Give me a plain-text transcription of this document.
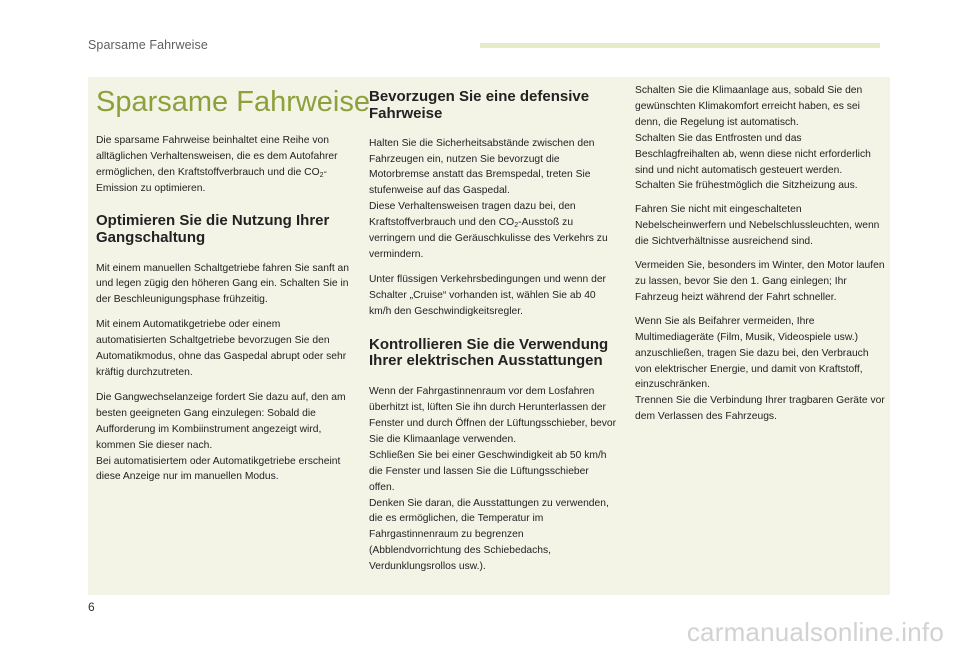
Sparsame Fahrweise
Sparsame Fahrweise

Die sparsame Fahrweise beinhaltet eine Reihe von alltäglichen Verhaltensweisen, die es dem Autofahrer ermöglichen, den Kraftstoffverbrauch und die $CO_2$-Emission zu optimieren.

Optimieren Sie die Nutzung Ihrer Gangschaltung

Mit einem manuellen Schaltgetriebe fahren Sie sanft an und legen zügig den höheren Gang ein. Schalten Sie in der Beschleunigungsphase frühzeitig.

Mit einem Automatikgetriebe oder einem automatisierten Schaltgetriebe bevorzugen Sie den Automatikmodus, ohne das Gaspedal abrupt oder sehr kräftig durchzutreten.

Die Gangwechselanzeige fordert Sie dazu auf, den am besten geeigneten Gang einzulegen: Sobald die Aufforderung im Kombiinstrument angezeigt wird, kommen Sie dieser nach.
Bei automatisiertem oder Automatikgetriebe erscheint diese Anzeige nur im manuellen Modus.

Bevorzugen Sie eine defensive Fahrweise

Halten Sie die Sicherheitsabstände zwischen den Fahrzeugen ein, nutzen Sie bevorzugt die Motorbremse anstatt das Bremspedal, treten Sie stufenweise auf das Gaspedal.
Diese Verhaltensweisen tragen dazu bei, den Kraftstoffverbrauch und den $CO_2$-Ausstoß zu verringern und die Geräuschkulisse des Verkehrs zu vermindern.

Unter flüssigen Verkehrsbedingungen und wenn der Schalter „Cruise“ vorhanden ist, wählen Sie ab 40 km/h den Geschwindigkeitsregler.

Kontrollieren Sie die Verwendung Ihrer elektrischen Ausstattungen

Wenn der Fahrgastinnenraum vor dem Losfahren überhitzt ist, lüften Sie ihn durch Herunterlassen der Fenster und durch Öffnen der Lüftungsschieber, bevor Sie die Klimaanlage verwenden.
Schließen Sie bei einer Geschwindigkeit ab 50 km/h die Fenster und lassen Sie die Lüftungsschieber offen.
Denken Sie daran, die Ausstattungen zu verwenden, die es ermöglichen, die Temperatur im Fahrgastinnenraum zu begrenzen (Abblendvorrichtung des Schiebedachs, Verdunklungsrollos usw.).

Schalten Sie die Klimaanlage aus, sobald Sie den gewünschten Klimakomfort erreicht haben, es sei denn, die Regelung ist automatisch.
Schalten Sie das Entfrosten und das Beschlagfreihalten ab, wenn diese nicht erforderlich sind und nicht automatisch gesteuert werden.
Schalten Sie frühestmöglich die Sitzheizung aus.

Fahren Sie nicht mit eingeschalteten Nebelscheinwerfern und Nebelschlussleuchten, wenn die Sichtverhältnisse ausreichend sind.

Vermeiden Sie, besonders im Winter, den Motor laufen zu lassen, bevor Sie den 1. Gang einlegen; Ihr Fahrzeug heizt während der Fahrt schneller.

Wenn Sie als Beifahrer vermeiden, Ihre Multimediageräte (Film, Musik, Videospiele usw.) anzuschließen, tragen Sie dazu bei, den Verbrauch von elektrischer Energie, und damit von Kraftstoff, einzuschränken.
Trennen Sie die Verbindung Ihrer tragbaren Geräte vor dem Verlassen des Fahrzeugs.

6
carmanualsonline.info
